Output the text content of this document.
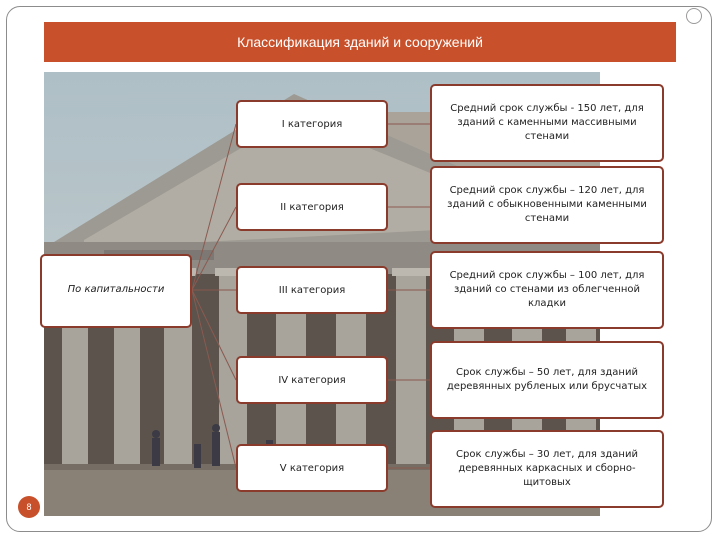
Классификация зданий и сооружений
По капитальности
I категория
II категория
III категория
IV категория
V категория
Средний срок службы - 150 лет, для зданий с каменными массивными стенами
Средний срок службы – 120 лет, для зданий с обыкновенными каменными стенами
Средний срок службы – 100 лет, для зданий со стенами из облегченной кладки
Срок службы – 50 лет, для зданий деревянных рубленых или брусчатых
Срок службы – 30 лет, для зданий деревянных каркасных и сборно-щитовых
8
